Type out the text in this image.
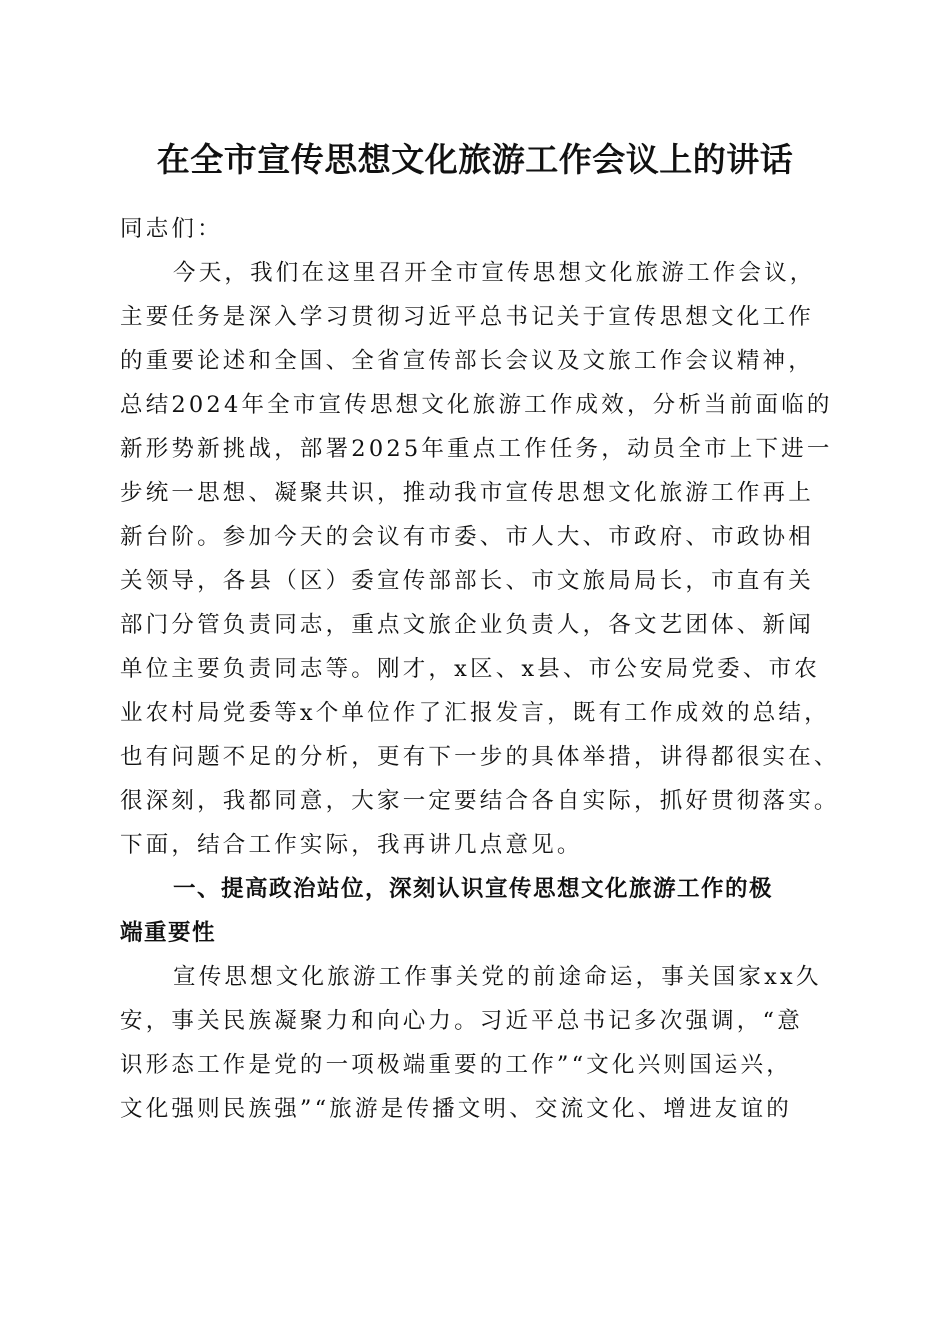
在全市宣传思想文化旅游工作会议上的讲话
同志们：
今天，我们在这里召开全市宣传思想文化旅游工作会议，
主要任务是深入学习贯彻习近平总书记关于宣传思想文化工作
的重要论述和全国、全省宣传部长会议及文旅工作会议精神，
总结2024年全市宣传思想文化旅游工作成效，分析当前面临的
新形势新挑战，部署2025年重点工作任务，动员全市上下进一
步统一思想、凝聚共识，推动我市宣传思想文化旅游工作再上
新台阶。参加今天的会议有市委、市人大、市政府、市政协相
关领导，各县（区）委宣传部部长、市文旅局局长，市直有关
部门分管负责同志，重点文旅企业负责人，各文艺团体、新闻
单位主要负责同志等。刚才，x区、x县、市公安局党委、市农
业农村局党委等x个单位作了汇报发言，既有工作成效的总结，
也有问题不足的分析，更有下一步的具体举措，讲得都很实在、
很深刻，我都同意，大家一定要结合各自实际，抓好贯彻落实。
下面，结合工作实际，我再讲几点意见。
一、提高政治站位，深刻认识宣传思想文化旅游工作的极
端重要性
宣传思想文化旅游工作事关党的前途命运，事关国家xx久
安，事关民族凝聚力和向心力。习近平总书记多次强调，“意
识形态工作是党的一项极端重要的工作”“文化兴则国运兴，
文化强则民族强”“旅游是传播文明、交流文化、增进友谊的
